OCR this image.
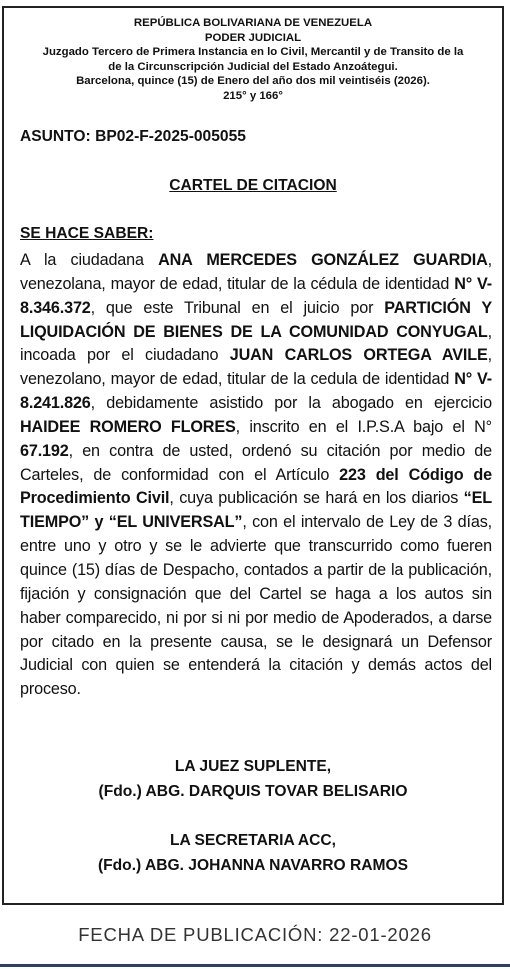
REPÚBLICA BOLIVARIANA DE VENEZUELA
PODER JUDICIAL
Juzgado Tercero de Primera Instancia en lo Civil, Mercantil y de Transito de la
de la Circunscripción Judicial del Estado Anzoátegui.
Barcelona, quince (15) de Enero del año dos mil veintiséis (2026).
215° y 166°
ASUNTO: BP02-F-2025-005055
CARTEL DE CITACION
SE HACE SABER:
A la ciudadana ANA MERCEDES GONZÁLEZ GUARDIA, venezolana, mayor de edad, titular de la cédula de identidad N° V-8.346.372, que este Tribunal en el juicio por PARTICIÓN Y LIQUIDACIÓN DE BIENES DE LA COMUNIDAD CONYUGAL, incoada por el ciudadano JUAN CARLOS ORTEGA AVILE, venezolano, mayor de edad, titular de la cedula de identidad N° V- 8.241.826, debidamente asistido por la abogado en ejercicio HAIDEE ROMERO FLORES, inscrito en el I.P.S.A bajo el N° 67.192, en contra de usted, ordenó su citación por medio de Carteles, de conformidad con el Artículo 223 del Código de Procedimiento Civil, cuya publicación se hará en los diarios “EL TIEMPO” y “EL UNIVERSAL”, con el intervalo de Ley de 3 días, entre uno y otro y se le advierte que transcurrido como fueren quince (15) días de Despacho, contados a partir de la publicación, fijación y consignación que del Cartel se haga a los autos sin haber comparecido, ni por si ni por medio de Apoderados, a darse por citado en la presente causa, se le designará un Defensor Judicial con quien se entenderá la citación y demás actos del proceso.
LA JUEZ SUPLENTE,
(Fdo.) ABG. DARQUIS TOVAR BELISARIO
LA SECRETARIA ACC,
(Fdo.) ABG. JOHANNA NAVARRO RAMOS
FECHA DE PUBLICACIÓN: 22-01-2026
